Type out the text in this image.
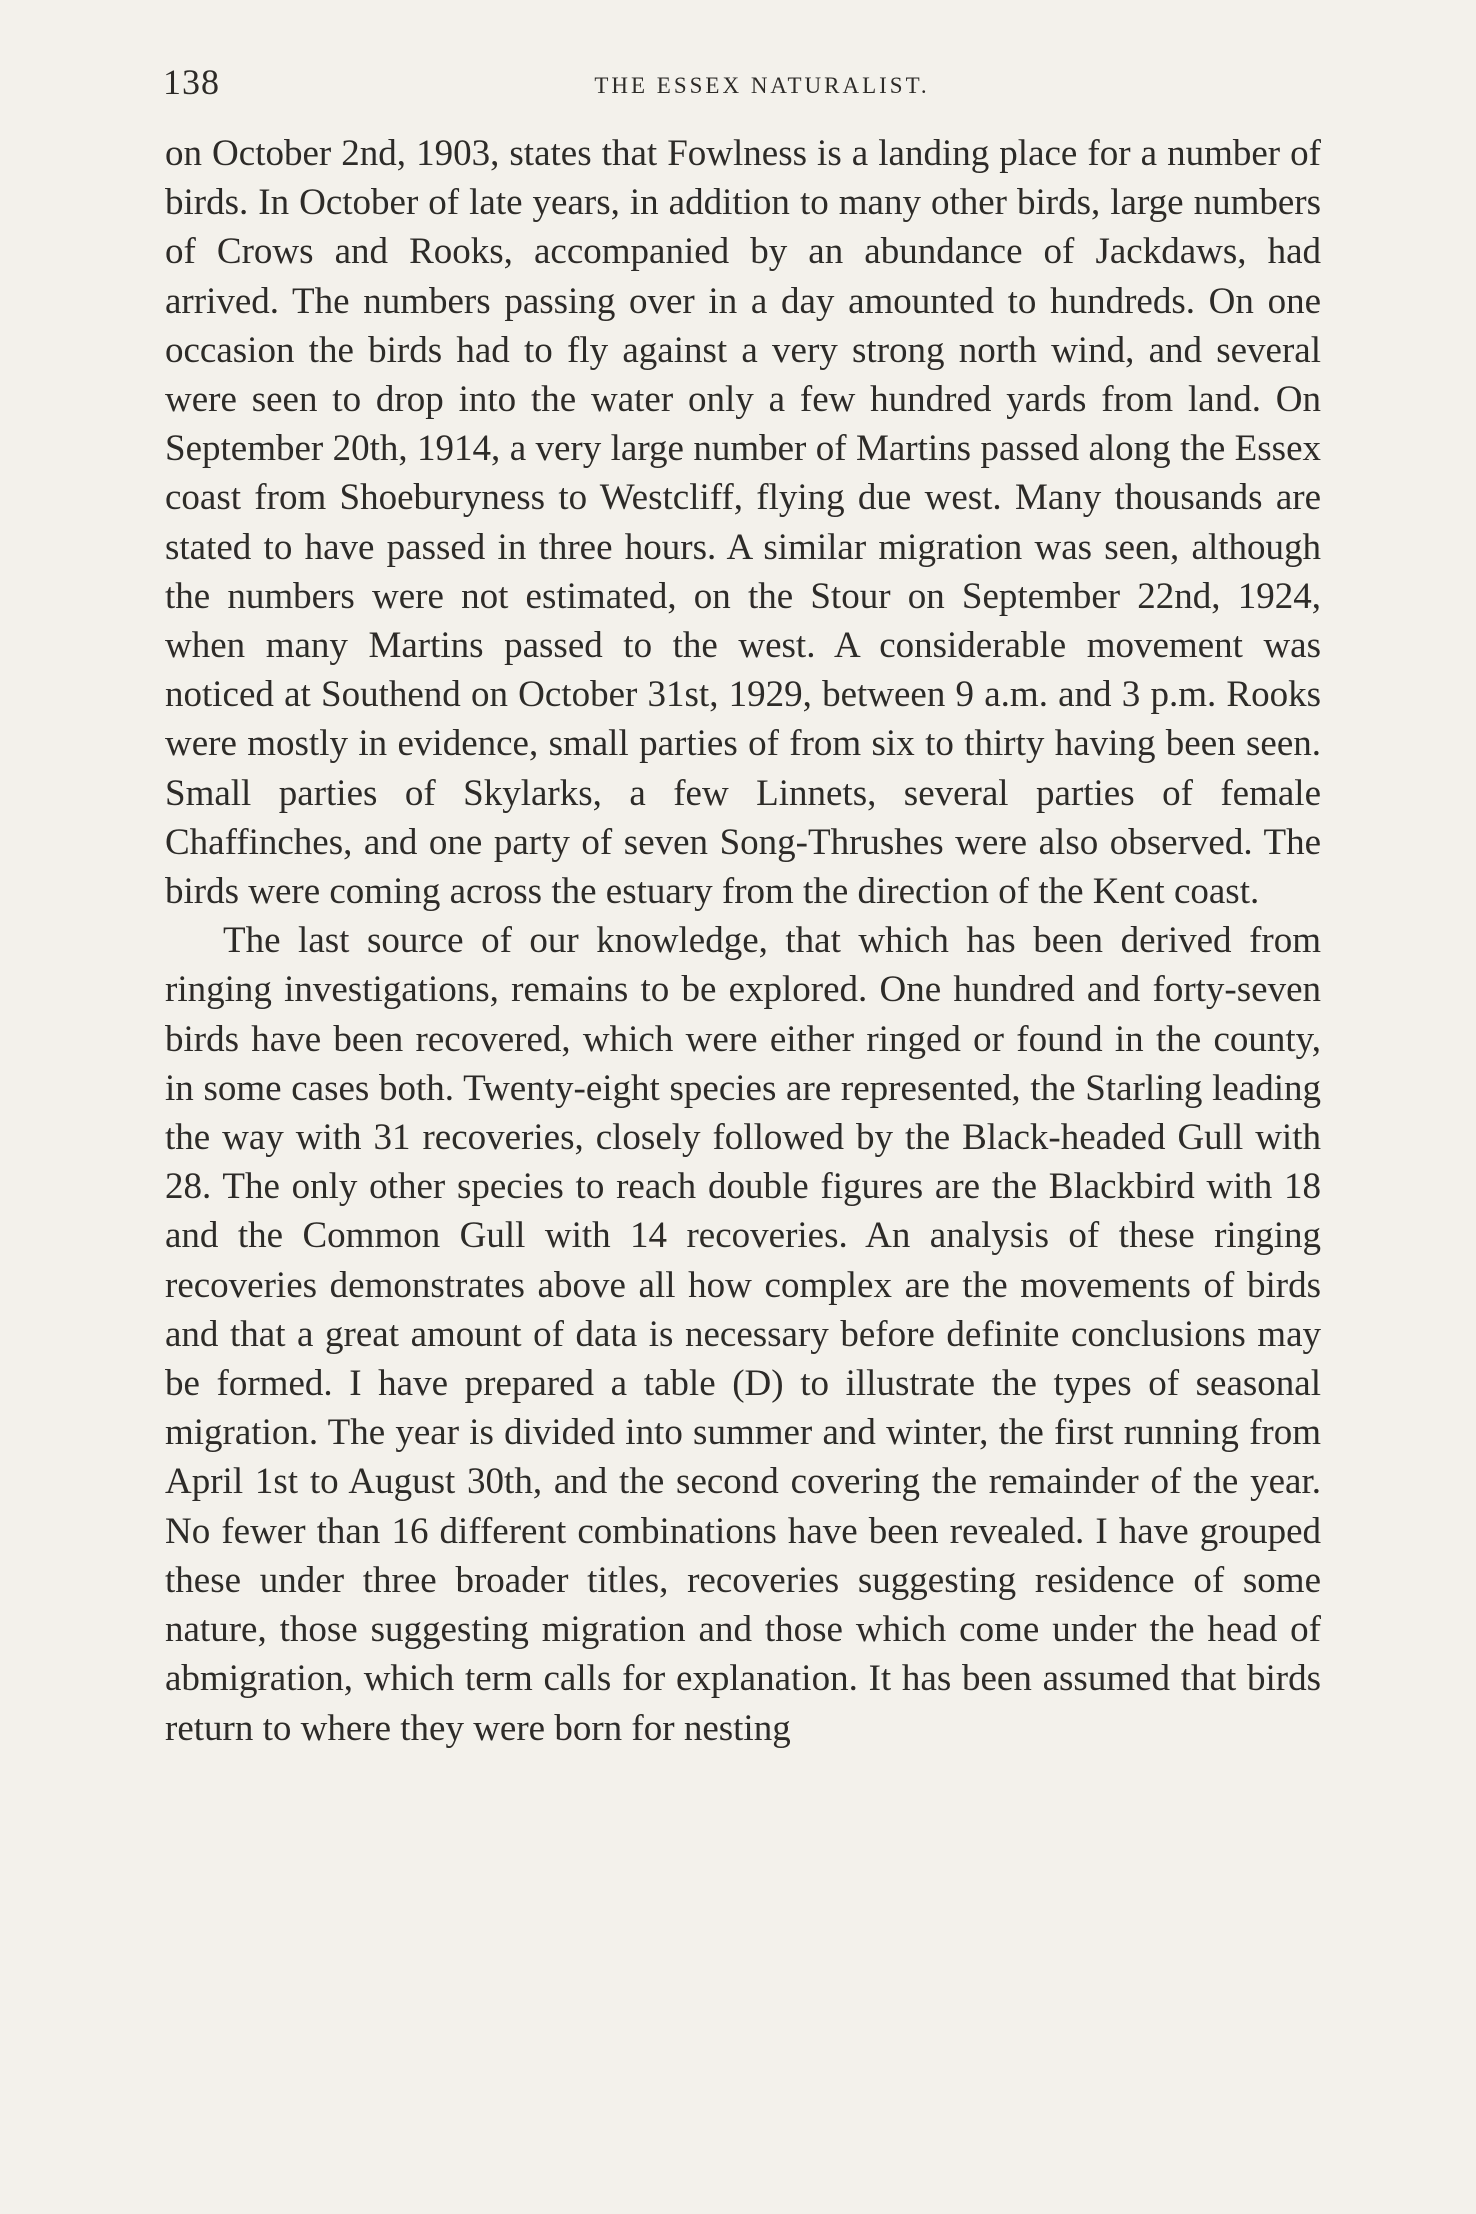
138	THE ESSEX NATURALIST.

on October 2nd, 1903, states that Fowlness is a landing place for a number of birds. In October of late years, in addition to many other birds, large numbers of Crows and Rooks, accompanied by an abundance of Jackdaws, had arrived. The numbers passing over in a day amounted to hundreds. On one occasion the birds had to fly against a very strong north wind, and several were seen to drop into the water only a few hundred yards from land. On September 20th, 1914, a very large number of Martins passed along the Essex coast from Shoeburyness to Westcliff, flying due west. Many thousands are stated to have passed in three hours. A similar migration was seen, although the numbers were not estimated, on the Stour on September 22nd, 1924, when many Martins passed to the west. A considerable movement was noticed at Southend on October 31st, 1929, between 9 a.m. and 3 p.m. Rooks were mostly in evidence, small parties of from six to thirty having been seen. Small parties of Skylarks, a few Linnets, several parties of female Chaffinches, and one party of seven Song-Thrushes were also observed. The birds were coming across the estuary from the direction of the Kent coast.

The last source of our knowledge, that which has been derived from ringing investigations, remains to be explored. One hundred and forty-seven birds have been recovered, which were either ringed or found in the county, in some cases both. Twenty-eight species are represented, the Starling leading the way with 31 recoveries, closely followed by the Black-headed Gull with 28. The only other species to reach double figures are the Blackbird with 18 and the Common Gull with 14 recoveries. An analysis of these ringing recoveries demonstrates above all how complex are the movements of birds and that a great amount of data is necessary before definite conclusions may be formed. I have prepared a table (D) to illustrate the types of seasonal migration. The year is divided into summer and winter, the first running from April 1st to August 30th, and the second covering the remainder of the year. No fewer than 16 different combinations have been revealed. I have grouped these under three broader titles, recoveries suggesting residence of some nature, those suggesting migration and those which come under the head of abmigration, which term calls for explanation. It has been assumed that birds return to where they were born for nesting
